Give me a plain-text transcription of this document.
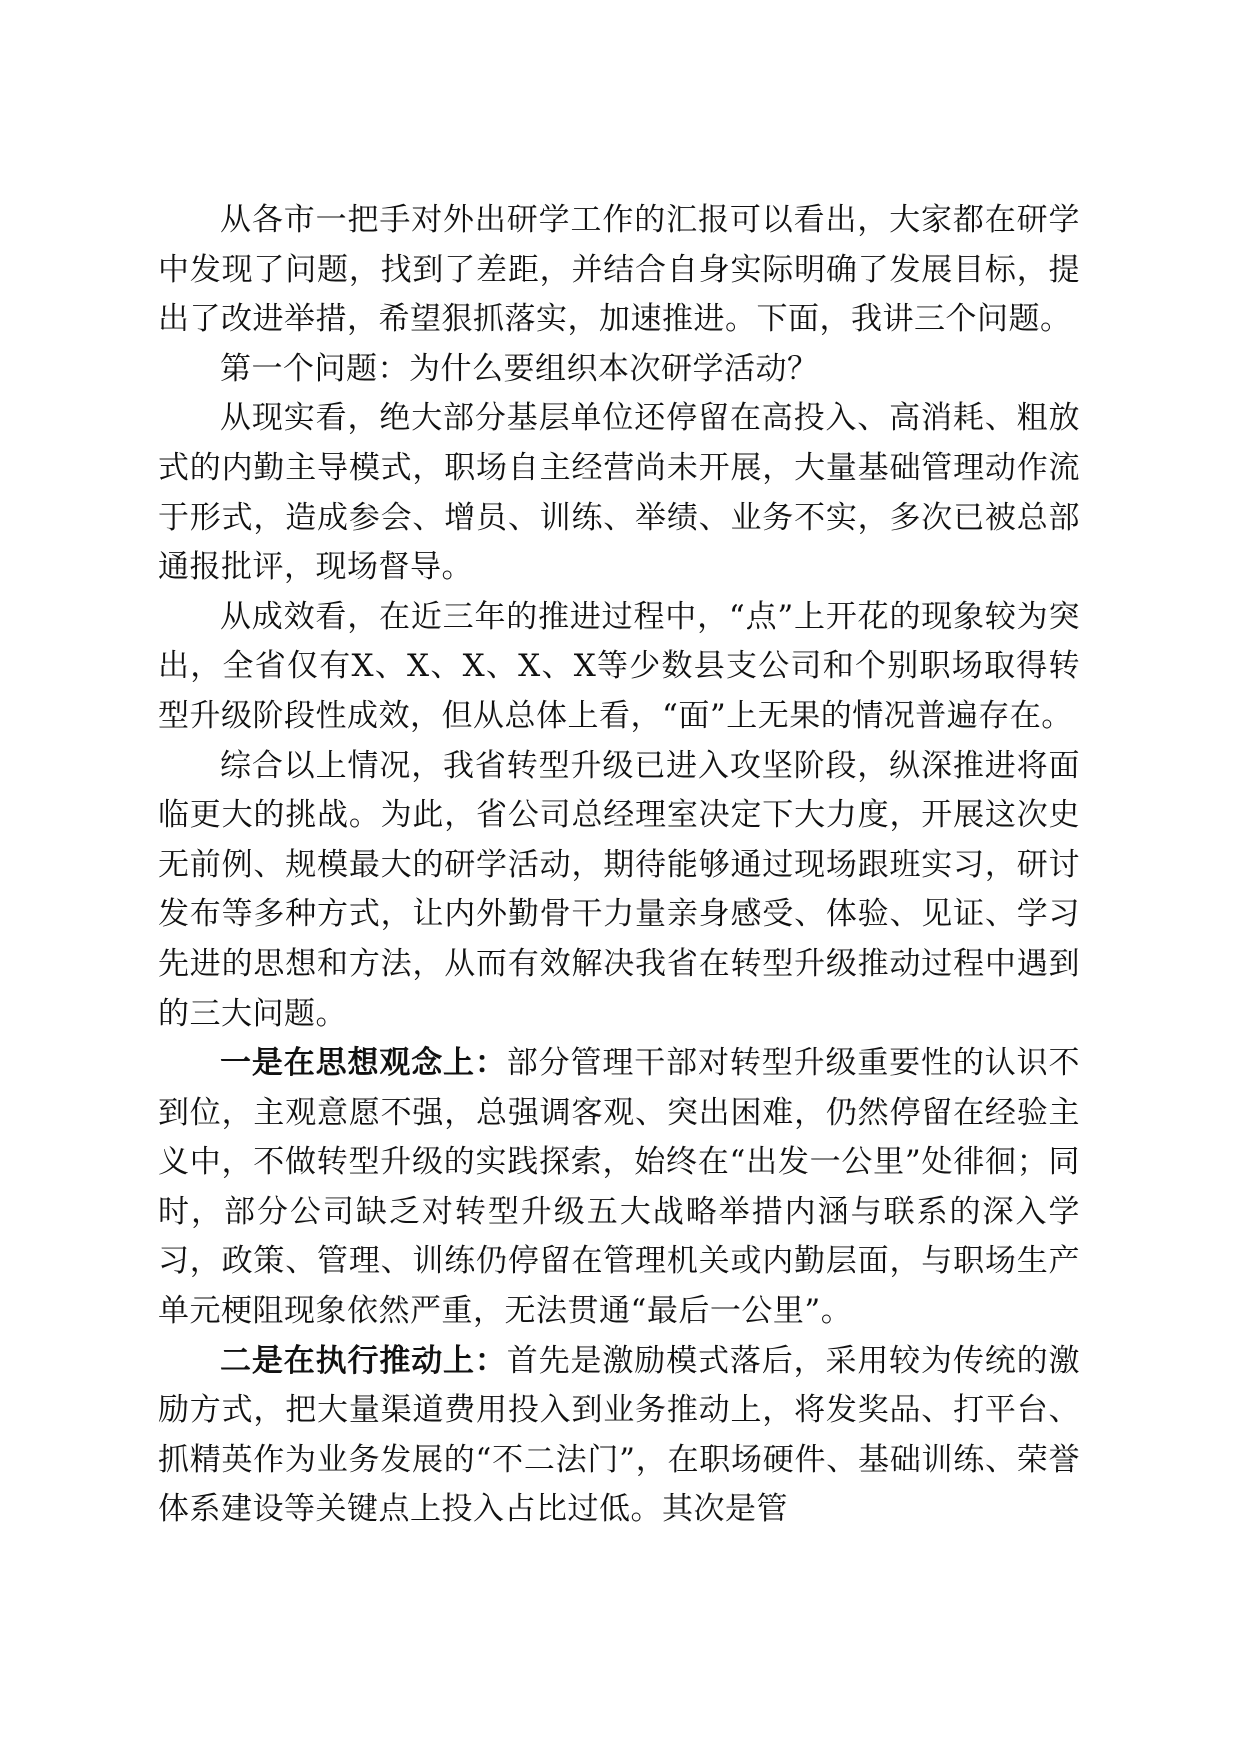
从各市一把手对外出研学工作的汇报可以看出，大家都在研学中发现了问题，找到了差距，并结合自身实际明确了发展目标，提出了改进举措，希望狠抓落实，加速推进。下面，我讲三个问题。

第一个问题：为什么要组织本次研学活动？

从现实看，绝大部分基层单位还停留在高投入、高消耗、粗放式的内勤主导模式，职场自主经营尚未开展，大量基础管理动作流于形式，造成参会、增员、训练、举绩、业务不实，多次已被总部通报批评，现场督导。

从成效看，在近三年的推进过程中，“点”上开花的现象较为突出，全省仅有X、X、X、X、X等少数县支公司和个别职场取得转型升级阶段性成效，但从总体上看，“面”上无果的情况普遍存在。

综合以上情况，我省转型升级已进入攻坚阶段，纵深推进将面临更大的挑战。为此，省公司总经理室决定下大力度，开展这次史无前例、规模最大的研学活动，期待能够通过现场跟班实习，研讨发布等多种方式，让内外勤骨干力量亲身感受、体验、见证、学习先进的思想和方法，从而有效解决我省在转型升级推动过程中遇到的三大问题。

一是在思想观念上：部分管理干部对转型升级重要性的认识不到位，主观意愿不强，总强调客观、突出困难，仍然停留在经验主义中，不做转型升级的实践探索，始终在“出发一公里”处徘徊；同时，部分公司缺乏对转型升级五大战略举措内涵与联系的深入学习，政策、管理、训练仍停留在管理机关或内勤层面，与职场生产单元梗阻现象依然严重，无法贯通“最后一公里”。

二是在执行推动上：首先是激励模式落后，采用较为传统的激励方式，把大量渠道费用投入到业务推动上，将发奖品、打平台、抓精英作为业务发展的“不二法门”，在职场硬件、基础训练、荣誉体系建设等关键点上投入占比过低。其次是管
